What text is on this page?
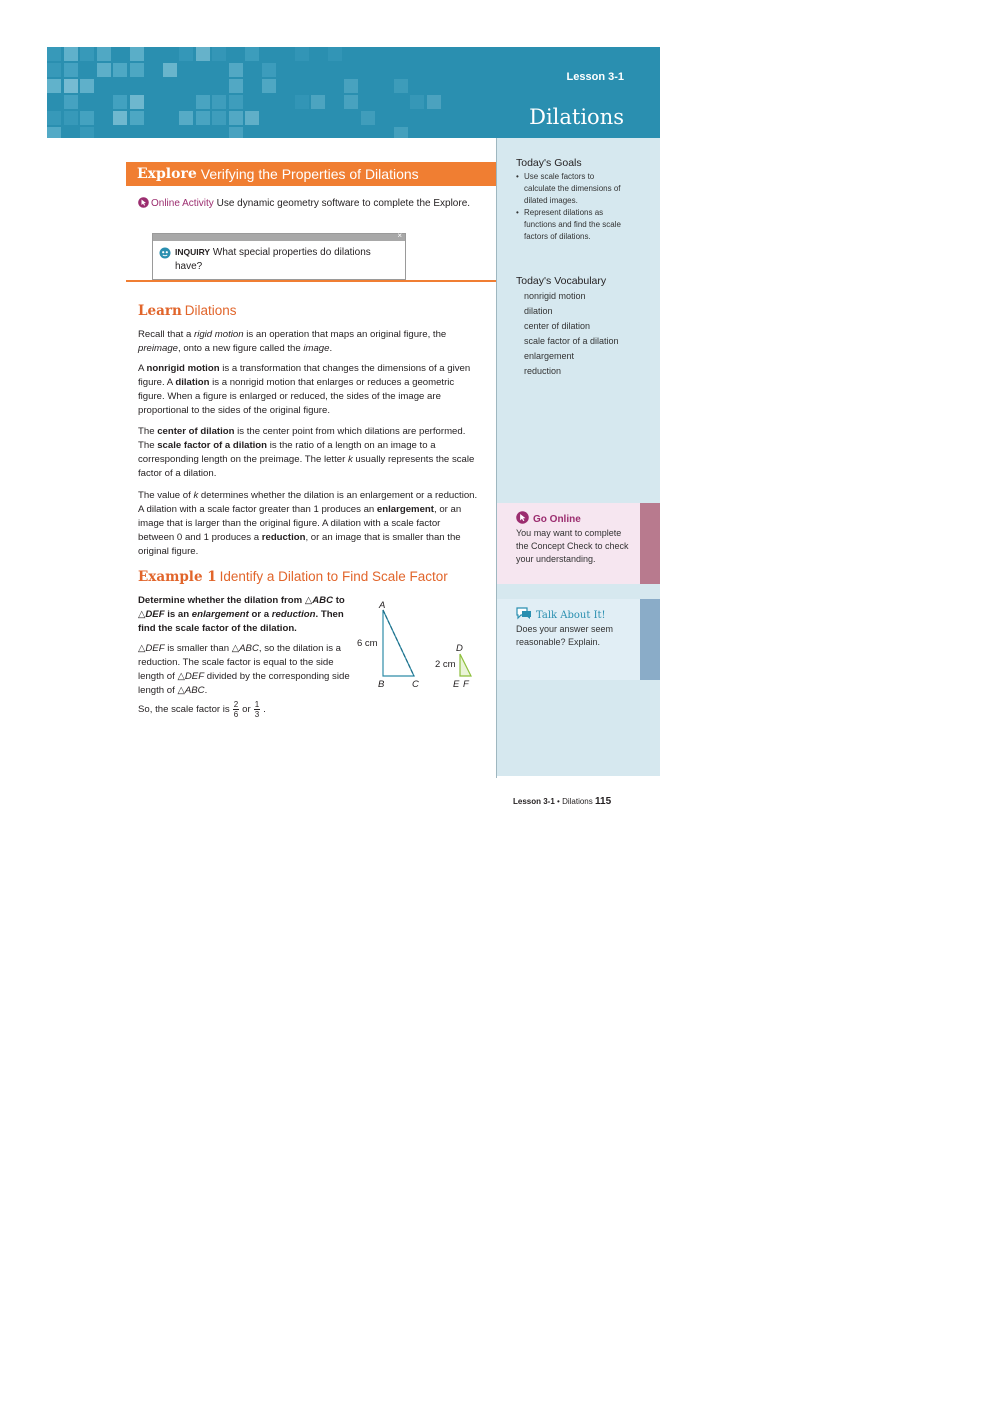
Lesson 3-1
Dilations
Explore Verifying the Properties of Dilations
Online Activity Use dynamic geometry software to complete the Explore.
×
INQUIRY What special properties do dilations have?
Learn Dilations

Recall that a rigid motion is an operation that maps an original figure, the preimage, onto a new figure called the image.

A nonrigid motion is a transformation that changes the dimensions of a given figure. A dilation is a nonrigid motion that enlarges or reduces a geometric figure. When a figure is enlarged or reduced, the sides of the image are proportional to the sides of the original figure.

The center of dilation is the center point from which dilations are performed. The scale factor of a dilation is the ratio of a length on an image to a corresponding length on the preimage. The letter k usually represents the scale factor of a dilation.

The value of k determines whether the dilation is an enlargement or a reduction. A dilation with a scale factor greater than 1 produces an enlargement, or an image that is larger than the original figure. A dilation with a scale factor between 0 and 1 produces a reduction, or an image that is smaller than the original figure.

Example 1 Identify a Dilation to Find Scale Factor
Determine whether the dilation from △ABC to △DEF is an enlargement or a reduction. Then find the scale factor of the dilation.
△DEF is smaller than △ABC, so the dilation is a reduction. The scale factor is equal to the side length of △DEF divided by the corresponding side length of △ABC.
So, the scale factor is $\frac{2}{6}$ or $\frac{1}{3}$ .
A
B	C
D
E F
6 cm
2 cm
Today's Goals
• Use scale factors to calculate the dimensions of dilated images.
• Represent dilations as functions and find the scale factors of dilations.
Today's Vocabulary
nonrigid motion
dilation
center of dilation
scale factor of a dilation
enlargement
reduction
Go Online
You may want to complete the Concept Check to check your understanding.
Talk About It!
Does your answer seem reasonable? Explain.
Lesson 3-1 • Dilations 115
